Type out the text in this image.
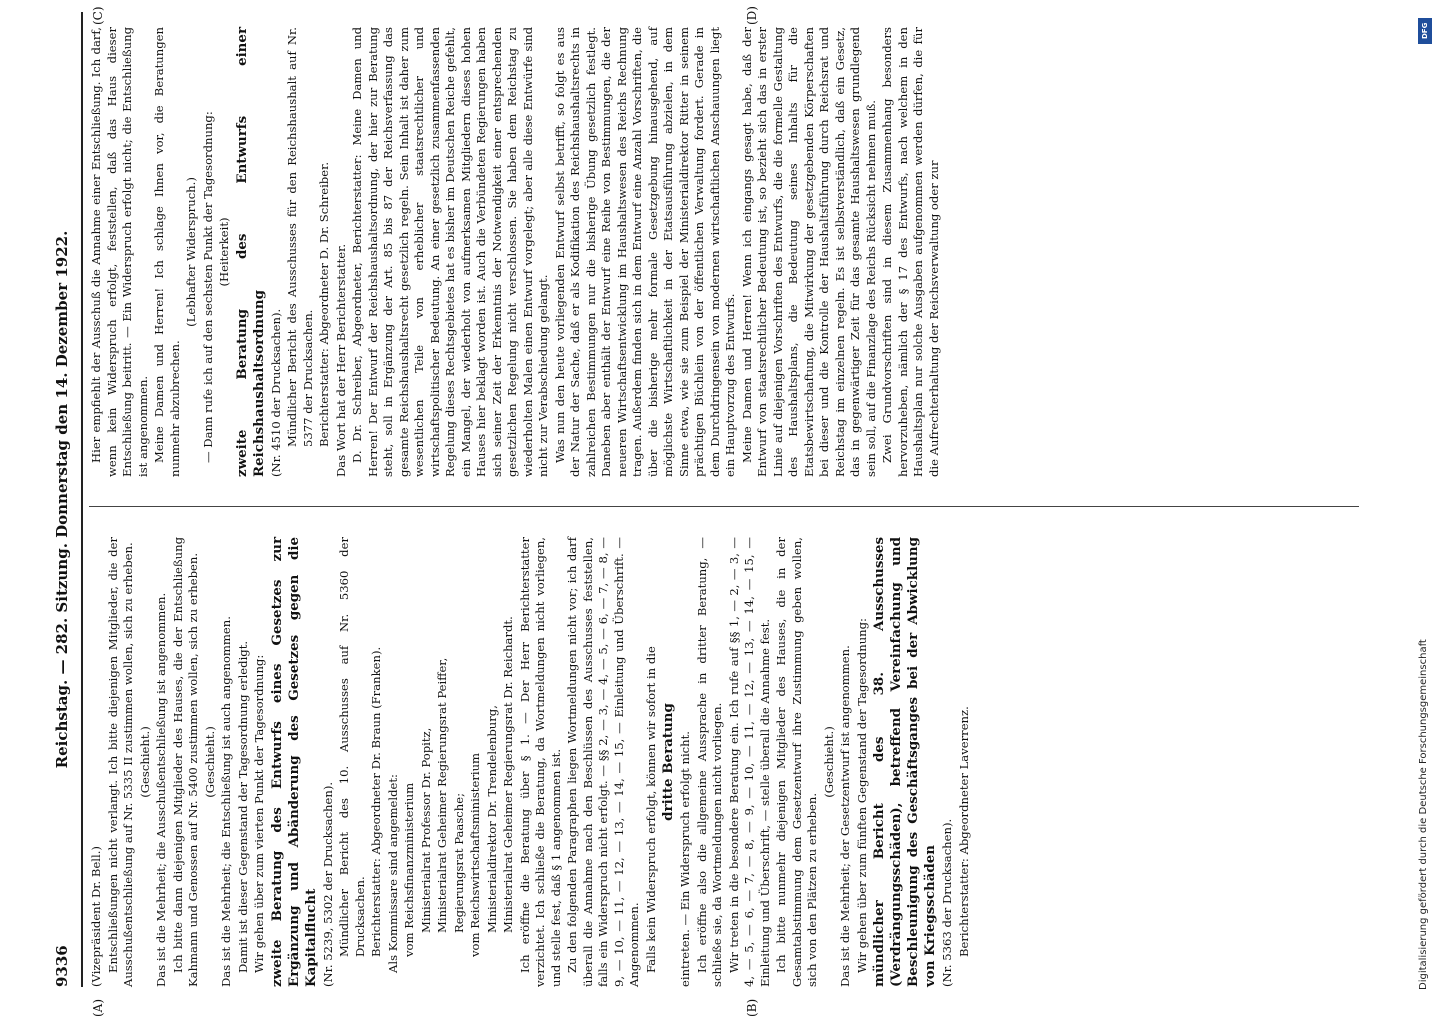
9336
Reichstag. — 282. Sitzung. Donnerstag den 14. Dezember 1922.

(Vizepräsident Dr. Bell.) Entschließungen nicht verlangt. Ich bitte diejenigen Mitglieder, die der Ausschußentschließung auf Nr. 5335 II zustimmen wollen, sich zu erheben. (Geschieht.) Das ist die Mehrheit; die Ausschußentschließung ist angenommen. Ich bitte dann diejenigen Mitglieder des Hauses, die der Entschließung Kahmann und Genossen auf Nr. 5400 zustimmen wollen, sich zu erheben. (Geschieht.) Das ist die Mehrheit; die Entschließung ist auch angenommen. Damit ist dieser Gegenstand der Tagesordnung erledigt. Wir gehen über zum vierten Punkt der Tagesordnung: zweite Beratung des Entwurfs eines Gesetzes zur Ergänzung und Abänderung des Gesetzes gegen die Kapitalflucht (Nr. 5239, 5302 der Drucksachen). Mündlicher Bericht des 10. Ausschusses auf Nr. 5360 der Drucksachen. Berichterstatter: Abgeordneter Dr. Braun (Franken). Als Kommissare sind angemeldet: vom Reichsfinanzministerium Ministerialrat Professor Dr. Popitz, Ministerialrat Geheimer Regierungsrat Peiffer, Regierungsrat Paasche; vom Reichswirtschaftsministerium Ministerialdirektor Dr. Trendelenburg, Ministerialrat Geheimer Regierungsrat Dr. Reichardt. Ich eröffne die Beratung über § 1. — Der Herr Berichterstatter verzichtet. Ich schließe die Beratung, da Wortmeldungen nicht vorliegen, und stelle fest, daß § 1 angenommen ist. Zu den folgenden Paragraphen liegen Wortmeldungen nicht vor; ich darf überall die Annahme nach den Beschlüssen des Ausschusses feststellen, falls ein Widerspruch nicht erfolgt. — §§ 2, — 3, — 4, — 5, — 6, — 7, — 8, — 9, — 10, — 11, — 12, — 13, — 14, — 15, — Einleitung und Überschrift. — Angenommen. Falls kein Widerspruch erfolgt, können wir sofort in die dritte Beratung eintreten. — Ein Widerspruch erfolgt nicht. Ich eröffne also die allgemeine Aussprache in dritter Beratung, — schließe sie, da Wortmeldungen nicht vorliegen. Wir treten in die besondere Beratung ein. Ich rufe auf §§ 1, — 2, — 3, — 4, — 5, — 6, — 7, — 8, — 9, — 10, — 11, — 12, — 13, — 14, — 15, — Einleitung und Überschrift, — stelle überall die Annahme fest. Ich bitte nunmehr diejenigen Mitglieder des Hauses, die in der Gesamtabstimmung dem Gesetzentwurf ihre Zustimmung geben wollen, sich von den Plätzen zu erheben.

(Geschieht.) Das ist die Mehrheit; der Gesetzentwurf ist angenommen. Wir gehen über zum fünften Gegenstand der Tagesordnung: mündlicher Bericht des 38. Ausschusses (Verdrängungsschäden), betreffend Vereinfachung und Beschleunigung des Geschäftsganges bei der Abwicklung von Kriegsschäden (Nr. 5363 der Drucksachen). Berichterstatter: Abgeordneter Laverrenz.

Hier empfiehlt der Ausschuß die Annahme einer Entschließung. Ich darf, wenn kein Widerspruch erfolgt, feststellen, daß das Haus dieser Entschließung beitritt. — Ein Widerspruch erfolgt nicht; die Entschließung ist angenommen. Meine Damen und Herren! Ich schlage Ihnen vor, die Beratungen nunmehr abzubrechen.

(Lebhafter Widerspruch.) — Dann rufe ich auf den sechsten Punkt der Tagesordnung: (Heiterkeit) zweite Beratung des Entwurfs einer Reichshaushaltsordnung (Nr. 4510 der Drucksachen). Mündlicher Bericht des Ausschusses für den Reichshaushalt auf Nr. 5377 der Drucksachen. Berichterstatter: Abgeordneter D. Dr. Schreiber. Das Wort hat der Herr Berichterstatter. D. Dr. Schreiber, Abgeordneter, Berichterstatter: Meine Damen und Herren! Der Entwurf der Reichshaushaltsordnung, der hier zur Beratung steht, soll in Ergänzung der Art. 85 bis 87 der Reichsverfassung das gesamte Reichshaushaltsrecht gesetzlich regeln. Sein Inhalt ist daher zum wesentlichen Teile von erheblicher staatsrechtlicher und wirtschaftspolitischer Bedeutung. An einer gesetzlich zusammenfassenden Regelung dieses Rechtsgebietes hat es bisher im Deutschen Reiche gefehlt, ein Mangel, der wiederholt von aufmerksamen Mitgliedern dieses hohen Hauses hier beklagt worden ist. Auch die Verbündeten Regierungen haben sich seiner Zeit der Erkenntnis der Notwendigkeit einer entsprechenden gesetzlichen Regelung nicht verschlossen. Sie haben dem Reichstag zu wiederholten Malen einen Entwurf vorgelegt; aber alle diese Entwürfe sind nicht zur Verabschiedung gelangt. Was nun den heute vorliegenden Entwurf selbst betrifft, so folgt es aus der Natur der Sache, daß er als Kodifikation des Reichshaushaltsrechts in zahlreichen Bestimmungen nur die bisherige Übung gesetzlich festlegt. Daneben aber enthält der Entwurf eine Reihe von Bestimmungen, die der neueren Wirtschaftsentwicklung im Haushaltswesen des Reichs Rechnung tragen. Außerdem finden sich in dem Entwurf eine Anzahl Vorschriften, die über die bisherige mehr formale Gesetzgebung hinausgehend, auf möglichste Wirtschaftlichkeit in der Etatsausführung abzielen, in dem Sinne etwa, wie sie zum Beispiel der Ministerialdirektor Ritter in seinem prächtigen Büchlein von der öffentlichen Verwaltung fordert. Gerade in dem Durchdringensein von modernen wirtschaftlichen Anschauungen liegt ein Hauptvorzug des Entwurfs. Meine Damen und Herren! Wenn ich eingangs gesagt habe, daß der Entwurf von staatsrechtlicher Bedeutung ist, so bezieht sich das in erster Linie auf diejenigen Vorschriften des Entwurfs, die die formelle Gestaltung des Haushaltsplans, die Bedeutung seines Inhalts für die Etatsbewirtschaftung, die Mitwirkung der gesetzgebenden Körperschaften bei dieser und die Kontrolle der Haushaltsführung durch Reichsrat und Reichstag im einzelnen regeln. Es ist selbstverständlich, daß ein Gesetz, das in gegenwärtiger Zeit für das gesamte Haushaltswesen grundlegend sein soll, auf die Finanzlage des Reichs Rücksicht nehmen muß. Zwei Grundvorschriften sind in diesem Zusammenhang besonders hervorzuheben, nämlich der § 17 des Entwurfs, nach welchem in den Haushaltsplan nur solche Ausgaben aufgenommen werden dürfen, die für die Aufrechterhaltung der Reichsverwaltung oder zur

(A)	(B)
(C)	(D)
DFG
Digitalisierung gefördert durch die Deutsche Forschungsgemeinschaft
